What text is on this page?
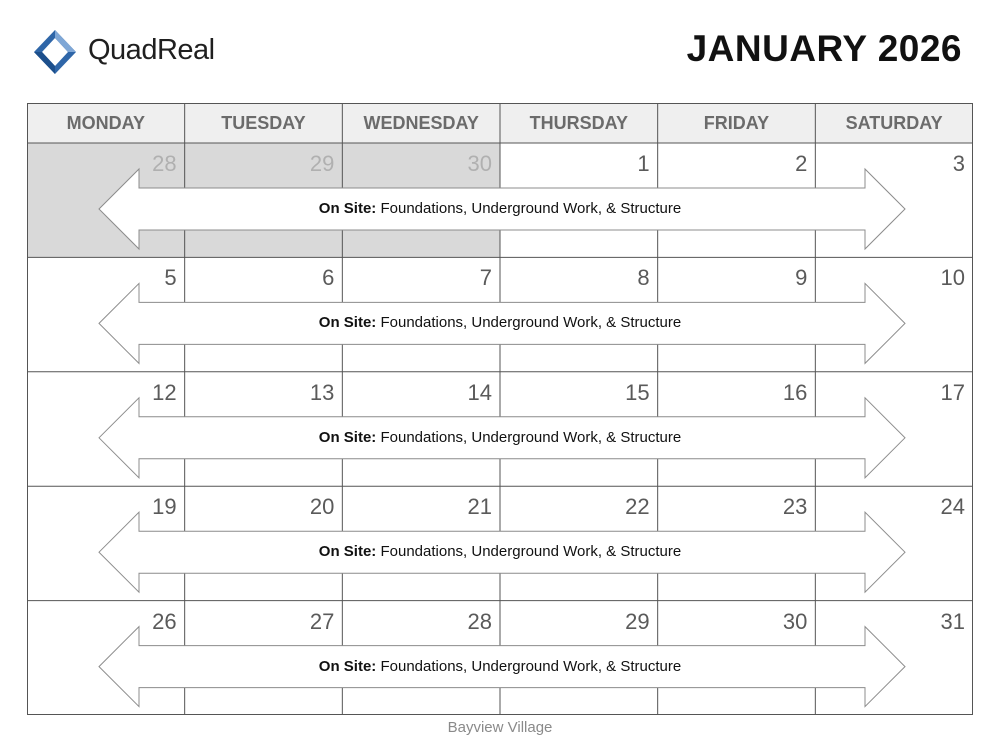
QuadReal	JANUARY 2026
MONDAY	TUESDAY	WEDNESDAY	THURSDAY	FRIDAY	SATURDAY
28	29	30	1	2	3
On Site: Foundations, Underground Work, & Structure
5	6	7	8	9	10
On Site: Foundations, Underground Work, & Structure
12	13	14	15	16	17
On Site: Foundations, Underground Work, & Structure
19	20	21	22	23	24
On Site: Foundations, Underground Work, & Structure
26	27	28	29	30	31
On Site: Foundations, Underground Work, & Structure
Bayview Village
